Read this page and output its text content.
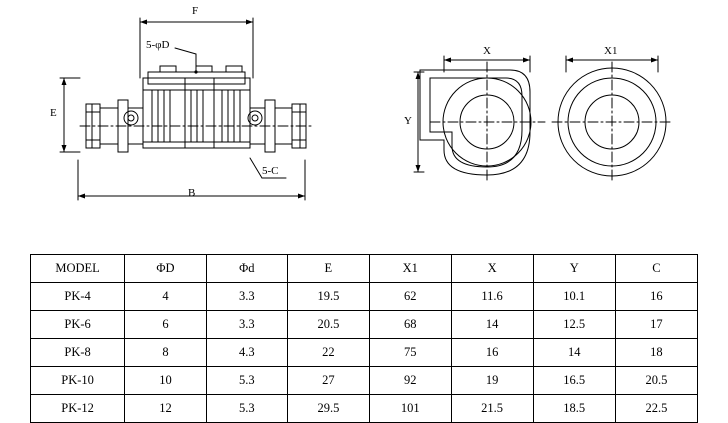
F
5-φD
E
B
5-C
X	X1
Y
MODEL	ΦD	Φd	E	X1	X	Y	C
PK-4	4	3.3	19.5	62	11.6	10.1	16
PK-6	6	3.3	20.5	68	14	12.5	17
PK-8	8	4.3	22	75	16	14	18
PK-10	10	5.3	27	92	19	16.5	20.5
PK-12	12	5.3	29.5	101	21.5	18.5	22.5
